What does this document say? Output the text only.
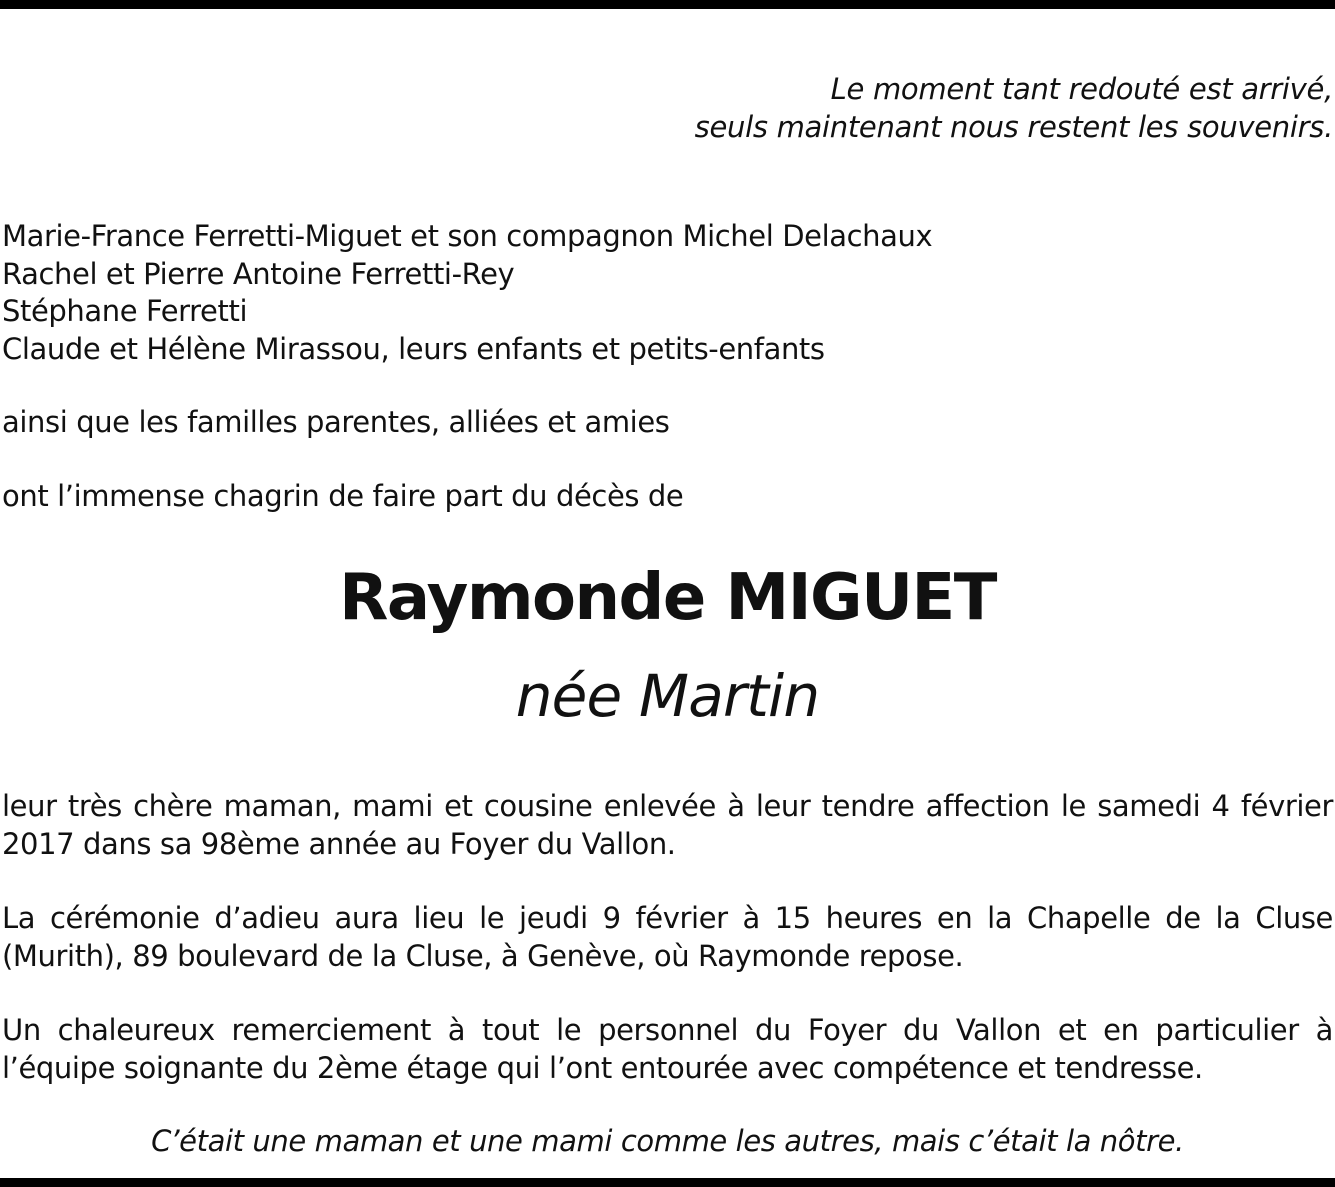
Le moment tant redouté est arrivé,
seuls maintenant nous restent les souvenirs.
Marie-France Ferretti-Miguet et son compagnon Michel Delachaux
Rachel et Pierre Antoine Ferretti-Rey
Stéphane Ferretti
Claude et Hélène Mirassou, leurs enfants et petits-enfants
ainsi que les familles parentes, alliées et amies
ont l’immense chagrin de faire part du décès de
Raymonde MIGUET
née Martin
leur très chère maman, mami et cousine enlevée à leur tendre affection le samedi 4 février 2017 dans sa 98ème année au Foyer du Vallon.
La cérémonie d’adieu aura lieu le jeudi 9 février à 15 heures en la Chapelle de la Cluse (Murith), 89 boulevard de la Cluse, à Genève, où Raymonde repose.
Un chaleureux remerciement à tout le personnel du Foyer du Vallon et en particulier à l’équipe soignante du 2ème étage qui l’ont entourée avec compétence et tendresse.
C’était une maman et une mami comme les autres, mais c’était la nôtre.
